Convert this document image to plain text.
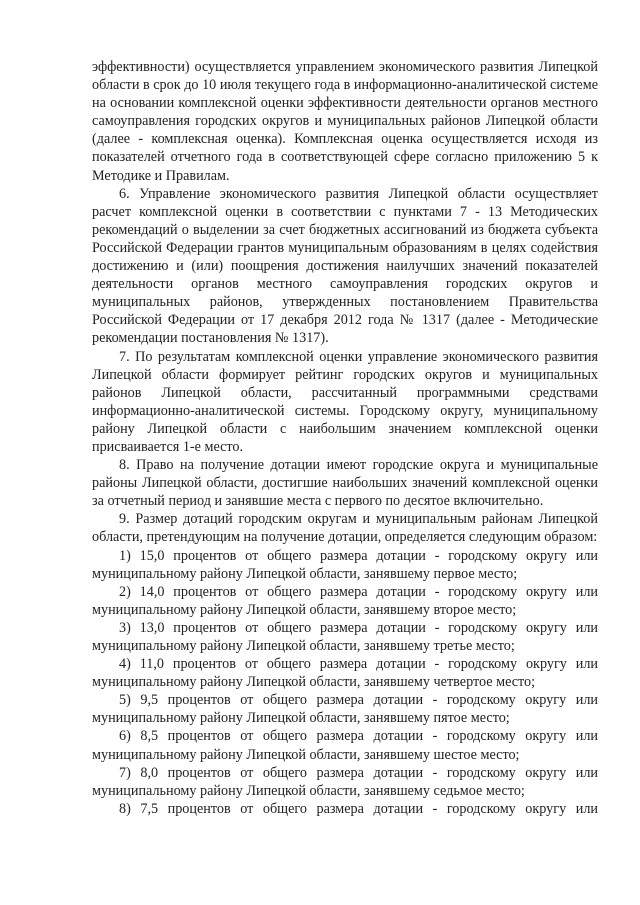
эффективности) осуществляется управлением экономического развития Липецкой области в срок до 10 июля текущего года в информационно-аналитической системе на основании комплексной оценки эффективности деятельности органов местного самоуправления городских округов и муниципальных районов Липецкой области (далее - комплексная оценка). Комплексная оценка осуществляется исходя из показателей отчетного года в соответствующей сфере согласно приложению 5 к Методике и Правилам.

6. Управление экономического развития Липецкой области осуществляет расчет комплексной оценки в соответствии с пунктами 7 - 13 Методических рекомендаций о выделении за счет бюджетных ассигнований из бюджета субъекта Российской Федерации грантов муниципальным образованиям в целях содействия достижению и (или) поощрения достижения наилучших значений показателей деятельности органов местного самоуправления городских округов и муниципальных районов, утвержденных постановлением Правительства Российской Федерации от 17 декабря 2012 года № 1317 (далее - Методические рекомендации постановления № 1317).

7. По результатам комплексной оценки управление экономического развития Липецкой области формирует рейтинг городских округов и муниципальных районов Липецкой области, рассчитанный программными средствами информационно-аналитической системы. Городскому округу, муниципальному району Липецкой области с наибольшим значением комплексной оценки присваивается 1-е место.

8. Право на получение дотации имеют городские округа и муниципальные районы Липецкой области, достигшие наибольших значений комплексной оценки за отчетный период и занявшие места с первого по десятое включительно.

9. Размер дотаций городским округам и муниципальным районам Липецкой области, претендующим на получение дотации, определяется следующим образом:

1) 15,0 процентов от общего размера дотации - городскому округу или муниципальному району Липецкой области, занявшему первое место;

2) 14,0 процентов от общего размера дотации - городскому округу или муниципальному району Липецкой области, занявшему второе место;

3) 13,0 процентов от общего размера дотации - городскому округу или муниципальному району Липецкой области, занявшему третье место;

4) 11,0 процентов от общего размера дотации - городскому округу или муниципальному району Липецкой области, занявшему четвертое место;

5) 9,5 процентов от общего размера дотации - городскому округу или муниципальному району Липецкой области, занявшему пятое место;

6) 8,5 процентов от общего размера дотации - городскому округу или муниципальному району Липецкой области, занявшему шестое место;

7) 8,0 процентов от общего размера дотации - городскому округу или муниципальному району Липецкой области, занявшему седьмое место;

8) 7,5 процентов от общего размера дотации - городскому округу или
